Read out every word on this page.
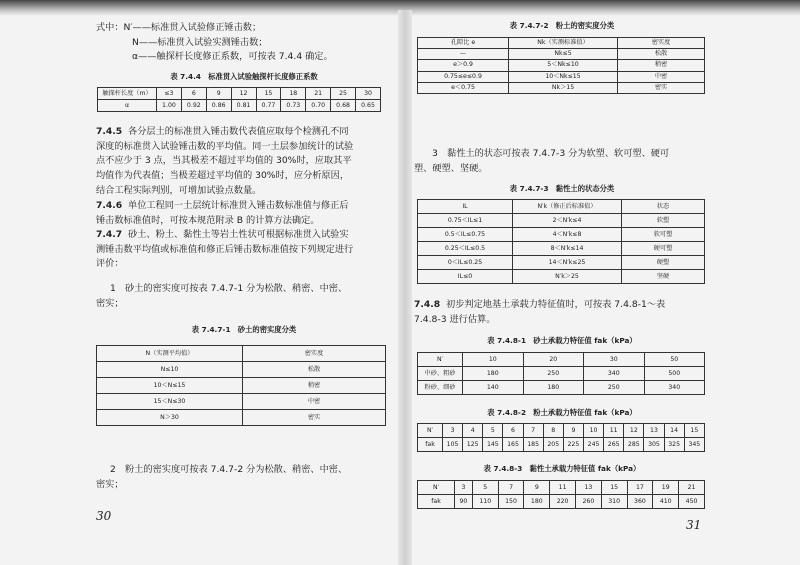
式中：N′——标准贯入试验修正锤击数；
N——标准贯入试验实测锤击数；
α——触探杆长度修正系数，可按表 7.4.4 确定。
表 7.4.4　标准贯入试验触探杆长度修正系数
触探杆长度（m）	≤3	6	9	12	15	18	21	25	30
α	1.00	0.92	0.86	0.81	0.77	0.73	0.70	0.68	0.65
7.4.5 各分层土的标准贯入锤击数代表值应取每个检测孔不同
深度的标准贯入试验锤击数的平均值。同一土层参加统计的试验
点不应少于 3 点，当其极差不超过平均值的 30%时，应取其平
均值作为代表值；当极差超过平均值的 30%时，应分析原因，
结合工程实际判别，可增加试验点数量。
7.4.6 单位工程同一土层统计标准贯入锤击数标准值与修正后
锤击数标准值时，可按本规范附录 B 的计算方法确定。
7.4.7 砂土、粉土、黏性土等岩土性状可根据标准贯入试验实
测锤击数平均值或标准值和修正后锤击数标准值按下列规定进行
评价：
1　砂土的密实度可按表 7.4.7-1 分为松散、稍密、中密、
密实；
表 7.4.7-1　砂土的密实度分类
N（实测平均值）	密实度
N≤10	松散
10＜N≤15	稍密
15＜N≤30	中密
N＞30	密实
2　粉土的密实度可按表 7.4.7-2 分为松散、稍密、中密、
密实；
30
表 7.4.7-2　粉土的密实度分类
孔隙比 e	Nk（实测标准值）	密实度
—	Nk≤5	松散
e＞0.9	5＜Nk≤10	稍密
0.75≤e≤0.9	10＜Nk≤15	中密
e＜0.75	Nk＞15	密实
3　黏性土的状态可按表 7.4.7-3 分为软塑、软可塑、硬可
塑、硬塑、坚硬。
表 7.4.7-3　黏性土的状态分类
IL	N′k（修正后标准值）	状态
0.75＜IL≤1	2＜N′k≤4	软塑
0.5＜IL≤0.75	4＜N′k≤8	软可塑
0.25＜IL≤0.5	8＜N′k≤14	硬可塑
0＜IL≤0.25	14＜N′k≤25	硬塑
IL≤0	N′k＞25	坚硬
7.4.8 初步判定地基土承载力特征值时，可按表 7.4.8-1～表
7.4.8-3 进行估算。
表 7.4.8-1　砂土承载力特征值 fak（kPa）
N′	10	20	30	50
中砂、粗砂	180	250	340	500
粉砂、细砂	140	180	250	340
表 7.4.8-2　粉土承载力特征值 fak（kPa）
N′	3	4	5	6	7	8	9	10	11	12	13	14	15
fak	105	125	145	165	185	205	225	245	265	285	305	325	345
表 7.4.8-3　黏性土承载力特征值 fak（kPa）
N′	3	5	7	9	11	13	15	17	19	21
fak	90	110	150	180	220	260	310	360	410	450
31
